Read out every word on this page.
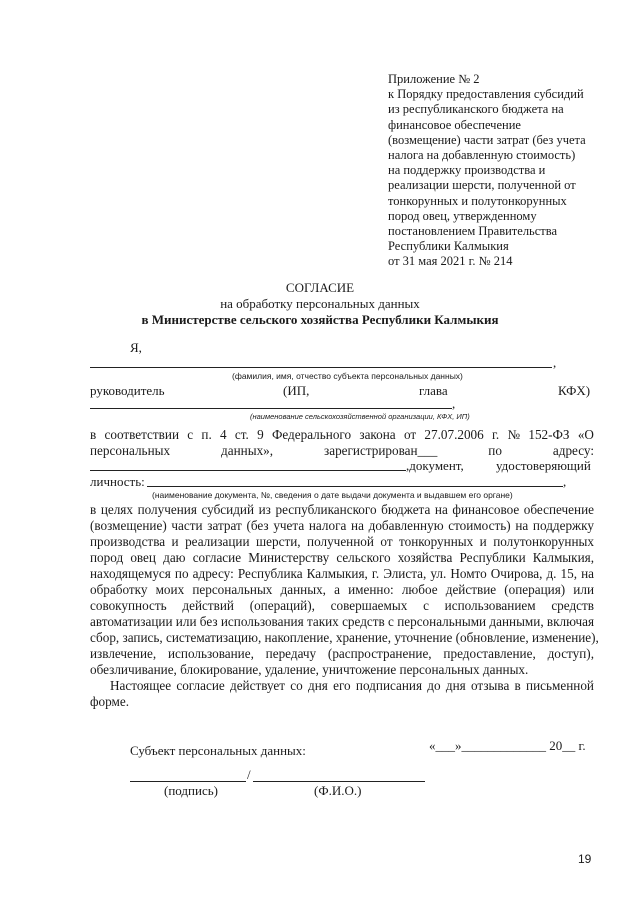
Приложение № 2
к Порядку предоставления субсидий
из республиканского бюджета на
финансовое обеспечение
(возмещение) части затрат (без учета
налога на добавленную стоимость)
на поддержку производства и
реализации шерсти, полученной от
тонкорунных и полутонкорунных
пород овец, утвержденному
постановлением Правительства
Республики Калмыкия
от 31 мая 2021 г. № 214
СОГЛАСИЕ
на обработку персональных данных
в Министерстве сельского хозяйства Республики Калмыкия
Я,
,
(фамилия, имя, отчество субъекта персональных данных)
руководитель	(ИП,	глава	КФХ)
,
(наименование сельскохозяйственной организации, КФХ, ИП)
в соответствии с п. 4 ст. 9 Федерального закона от 27.07.2006 г. № 152-ФЗ «О
персональных	данных»,	зарегистрирован___	по	адресу:
,документ, удостоверяющий
личность:	,
(наименование документа, №, сведения о дате выдачи документа и выдавшем его органе)
в целях получения субсидий из республиканского бюджета на финансовое обеспечение
(возмещение) части затрат (без учета налога на добавленную стоимость) на поддержку
производства и реализации шерсти, полученной от тонкорунных и полутонкорунных
пород овец даю согласие Министерству сельского хозяйства Республики Калмыкия,
находящемуся по адресу: Республика Калмыкия, г. Элиста, ул. Номто Очирова, д. 15, на
обработку моих персональных данных, а именно: любое действие (операция) или
совокупность действий (операций), совершаемых с использованием средств
автоматизации или без использования таких средств с персональными данными, включая
сбор, запись, систематизацию, накопление, хранение, уточнение (обновление, изменение),
извлечение, использование, передачу (распространение, предоставление, доступ),
обезличивание, блокирование, удаление, уничтожение персональных данных.
Настоящее согласие действует со дня его подписания до дня отзыва в письменной
форме.
«___»_____________ 20__ г.
Субъект персональных данных:
/
(подпись)	(Ф.И.О.)
19
